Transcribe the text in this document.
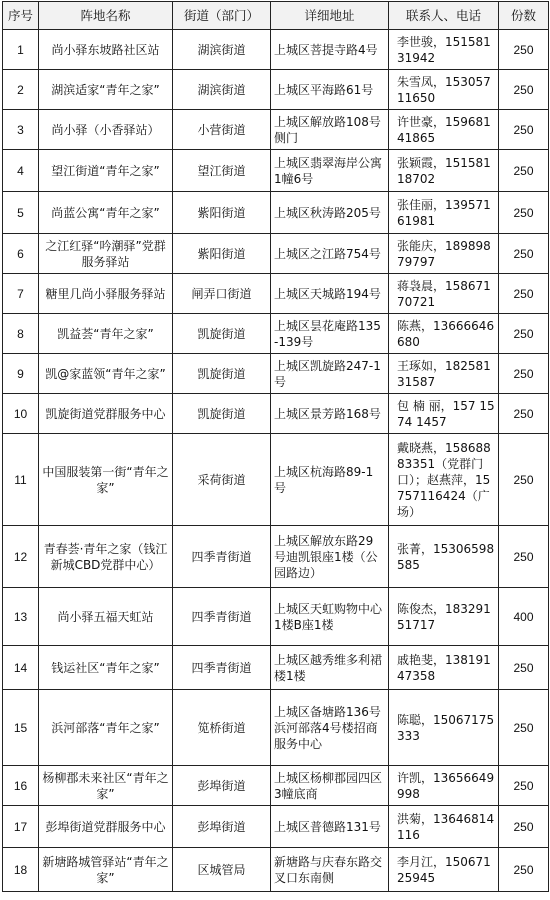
序号	阵地名称	街道（部门）	详细地址	联系人、电话	份数
1	尚小驿东坡路社区站	湖滨街道	上城区菩提寺路4号	李世骏，15158131942	250
2	湖滨适家“青年之家”	湖滨街道	上城区平海路61号	朱雪凤，15305711650	250
3	尚小驿（小香驿站）	小营街道	上城区解放路108号侧门	许世豪，15968141865	250
4	望江街道“青年之家”	望江街道	上城区翡翠海岸公寓1幢6号	张颖霞，15158118702	250
5	尚蓝公寓“青年之家”	紫阳街道	上城区秋涛路205号	张佳丽，13957161981	250
6	之江红驿“吟潮驿”党群服务驿站	紫阳街道	上城区之江路754号	张能庆，18989879797	250
7	糖里几尚小驿服务驿站	闸弄口街道	上城区天城路194号	蒋袅晨，15867170721	250
8	凯益荟“青年之家”	凯旋街道	上城区昙花庵路135-139号	陈燕，13666646680	250
9	凯@家蓝领“青年之家”	凯旋街道	上城区凯旋路247-1号	王琢如，18258131587	250
10	凯旋街道党群服务中心	凯旋街道	上城区景芳路168号	包 楠 丽，157 1574 1457	250
11	中国服装第一街“青年之家”	采荷街道	上城区杭海路89-1号	戴晓燕，15868883351（党群门口）；赵燕萍，15757116424（广场）	250
12	青春荟·青年之家（钱江新城CBD党群中心）	四季青街道	上城区解放东路29号迪凯银座1楼（公园路边）	张菁，15306598585	250
13	尚小驿五福天虹站	四季青街道	上城区天虹购物中心1楼B座1楼	陈俊杰，18329151717	400
14	钱运社区“青年之家”	四季青街道	上城区越秀维多利裙楼1楼	戚艳斐，13819147358	250
15	浜河部落“青年之家”	笕桥街道	上城区备塘路136号浜河部落4号楼招商服务中心	陈聪，15067175333	250
16	杨柳郡未来社区“青年之家”	彭埠街道	上城区杨柳郡园四区3幢底商	许凯，13656649998	250
17	彭埠街道党群服务中心	彭埠街道	上城区普德路131号	洪菊，13646814116	250
18	新塘路城管驿站“青年之家”	区城管局	新塘路与庆春东路交叉口东南侧	李月江，15067125945	250
